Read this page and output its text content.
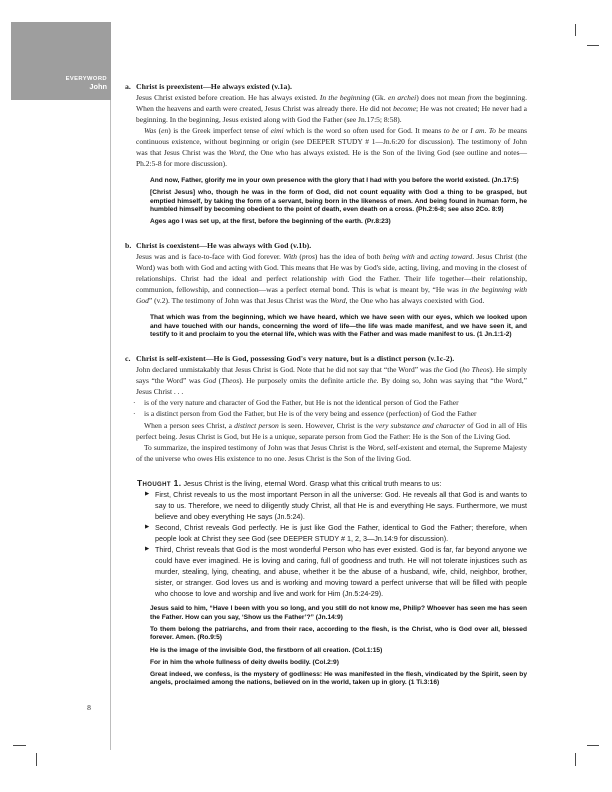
EVERYWORD
John
8
a. Christ is preexistent—He always existed (v.1a).

Jesus Christ existed before creation. He has always existed. In the beginning (Gk. en archei) does not mean from the beginning. When the heavens and earth were created, Jesus Christ was already there. He did not become; He was not created; He never had a beginning. In the beginning, Jesus existed along with God the Father (see Jn.17:5; 8:58).

Was (en) is the Greek imperfect tense of eimi which is the word so often used for God. It means to be or I am. To be means continuous existence, without beginning or origin (see DEEPER STUDY # 1—Jn.6:20 for discussion). The testimony of John was that Jesus Christ was the Word, the One who has always existed. He is the Son of the living God (see outline and notes—Ph.2:5-8 for more discussion).

And now, Father, glorify me in your own presence with the glory that I had with you before the world existed. (Jn.17:5)

[Christ Jesus] who, though he was in the form of God, did not count equality with God a thing to be grasped, but emptied himself, by taking the form of a servant, being born in the likeness of men. And being found in human form, he humbled himself by becoming obedient to the point of death, even death on a cross. (Ph.2:6-8; see also 2Co. 8:9)

Ages ago I was set up, at the first, before the beginning of the earth. (Pr.8:23)

b. Christ is coexistent—He was always with God (v.1b).

Jesus was and is face-to-face with God forever. With (pros) has the idea of both being with and acting toward. Jesus Christ (the Word) was both with God and acting with God. This means that He was by God's side, acting, living, and moving in the closest of relationships. Christ had the ideal and perfect relationship with God the Father. Their life together—their relationship, communion, fellowship, and connection—was a perfect eternal bond. This is what is meant by, “He was in the beginning with God” (v.2). The testimony of John was that Jesus Christ was the Word, the One who has always coexisted with God.

That which was from the beginning, which we have heard, which we have seen with our eyes, which we looked upon and have touched with our hands, concerning the word of life—the life was made manifest, and we have seen it, and testify to it and proclaim to you the eternal life, which was with the Father and was made manifest to us. (1 Jn.1:1-2)

c. Christ is self-existent—He is God, possessing God's very nature, but is a distinct person (v.1c-2).

John declared unmistakably that Jesus Christ is God. Note that he did not say that “the Word” was the God (ho Theos). He simply says “the Word” was God (Theos). He purposely omits the definite article the. By doing so, John was saying that “the Word,” Jesus Christ . . .

· is of the very nature and character of God the Father, but He is not the identical person of God the Father
· is a distinct person from God the Father, but He is of the very being and essence (perfection) of God the Father

When a person sees Christ, a distinct person is seen. However, Christ is the very substance and character of God in all of His perfect being. Jesus Christ is God, but He is a unique, separate person from God the Father: He is the Son of the Living God.

To summarize, the inspired testimony of John was that Jesus Christ is the Word, self-existent and eternal, the Supreme Majesty of the universe who owes His existence to no one. Jesus Christ is the Son of the living God.

Thought 1. Jesus Christ is the living, eternal Word. Grasp what this critical truth means to us:

▶ First, Christ reveals to us the most important Person in all the universe: God. He reveals all that God is and wants to say to us. Therefore, we need to diligently study Christ, all that He is and everything He says. Furthermore, we must believe and obey everything He says (Jn.5:24).
▶ Second, Christ reveals God perfectly. He is just like God the Father, identical to God the Father; therefore, when people look at Christ they see God (see DEEPER STUDY # 1, 2, 3—Jn.14:9 for discussion).
▶ Third, Christ reveals that God is the most wonderful Person who has ever existed. God is far, far beyond anyone we could have ever imagined. He is loving and caring, full of goodness and truth. He will not tolerate injustices such as murder, stealing, lying, cheating, and abuse, whether it be the abuse of a husband, wife, child, neighbor, brother, sister, or stranger. God loves us and is working and moving toward a perfect universe that will be filled with people who choose to love and worship and live and work for Him (Jn.5:24-29).

Jesus said to him, “Have I been with you so long, and you still do not know me, Philip? Whoever has seen me has seen the Father. How can you say, ‘Show us the Father’?” (Jn.14:9)

To them belong the patriarchs, and from their race, according to the flesh, is the Christ, who is God over all, blessed forever. Amen. (Ro.9:5)

He is the image of the invisible God, the firstborn of all creation. (Col.1:15)

For in him the whole fullness of deity dwells bodily. (Col.2:9)

Great indeed, we confess, is the mystery of godliness: He was manifested in the flesh, vindicated by the Spirit, seen by angels, proclaimed among the nations, believed on in the world, taken up in glory. (1 Ti.3:16)
